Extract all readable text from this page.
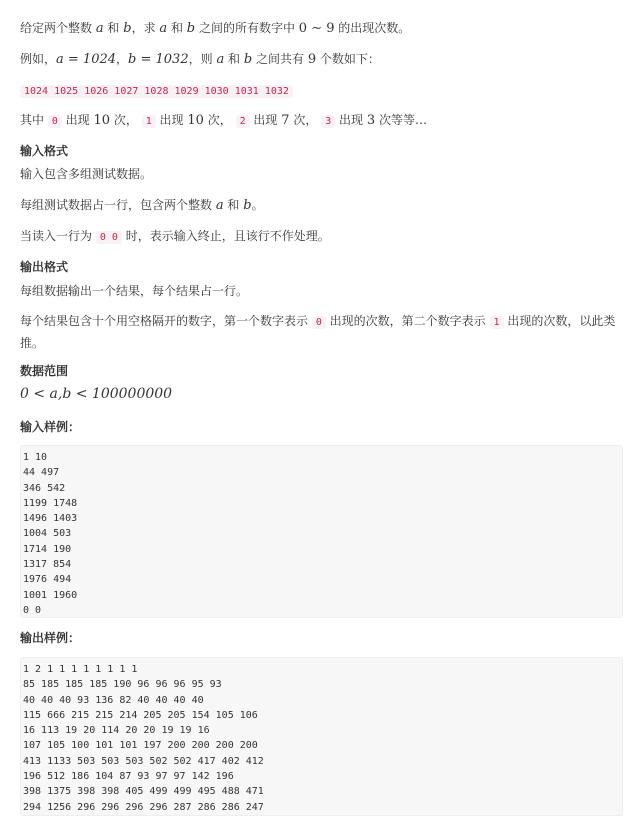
给定两个整数 a 和 b，求 a 和 b 之间的所有数字中 0 ∼ 9 的出现次数。

例如，a = 1024，b = 1032，则 a 和 b 之间共有 9 个数如下：

1024 1025 1026 1027 1028 1029 1030 1031 1032

其中 0 出现 10 次， 1 出现 10 次， 2 出现 7 次， 3 出现 3 次等等…

输入格式

输入包含多组测试数据。

每组测试数据占一行，包含两个整数 a 和 b。

当读入一行为 0 0 时，表示输入终止，且该行不作处理。

输出格式

每组数据输出一个结果，每个结果占一行。

每个结果包含十个用空格隔开的数字，第一个数字表示 0 出现的次数，第二个数字表示 1 出现的次数，以此类
推。

数据范围

0 < a,b < 100000000

输入样例：
1 10
44 497
346 542
1199 1748
1496 1403
1004 503
1714 190
1317 854
1976 494
1001 1960
0 0
输出样例：
1 2 1 1 1 1 1 1 1 1
85 185 185 185 190 96 96 96 95 93
40 40 40 93 136 82 40 40 40 40
115 666 215 215 214 205 205 154 105 106
16 113 19 20 114 20 20 19 19 16
107 105 100 101 101 197 200 200 200 200
413 1133 503 503 503 502 502 417 402 412
196 512 186 104 87 93 97 97 142 196
398 1375 398 398 405 499 499 495 488 471
294 1256 296 296 296 296 287 286 286 247
